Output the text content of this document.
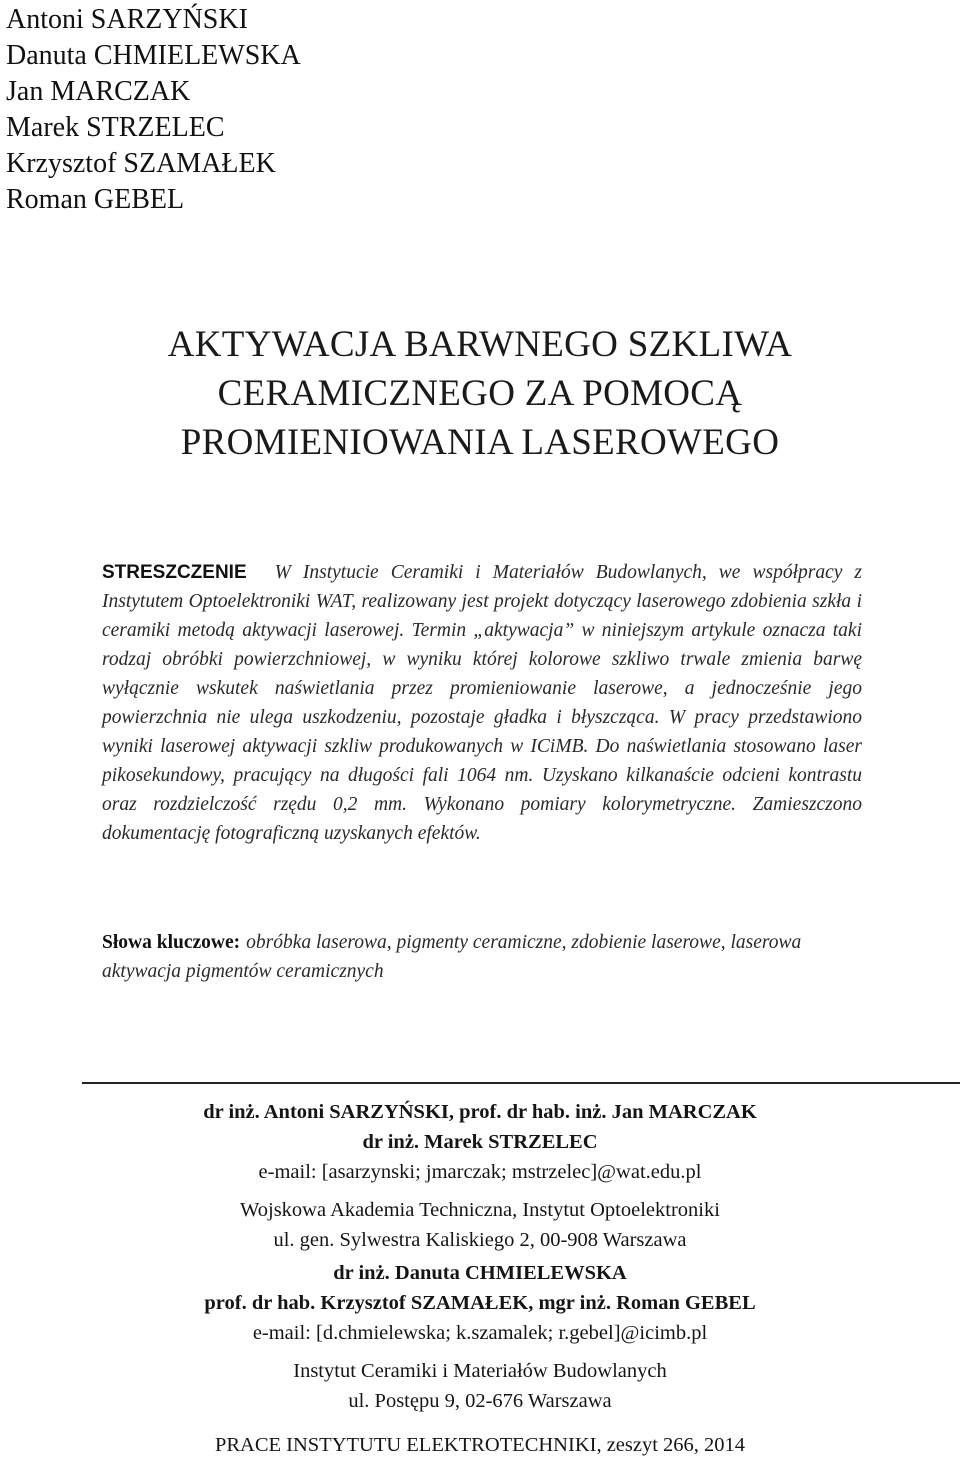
Antoni SARZYŃSKI
Danuta CHMIELEWSKA
Jan MARCZAK
Marek STRZELEC
Krzysztof SZAMAŁEK
Roman GEBEL
AKTYWACJA BARWNEGO SZKLIWA
CERAMICZNEGO ZA POMOCĄ
PROMIENIOWANIA LASEROWEGO
STRESZCZENIE W Instytucie Ceramiki i Materiałów Budowlanych, we współpracy z Instytutem Optoelektroniki WAT, realizowany jest projekt dotyczący laserowego zdobienia szkła i ceramiki metodą aktywacji laserowej. Termin „aktywacja” w niniejszym artykule oznacza taki rodzaj obróbki powierzchniowej, w wyniku której kolorowe szkliwo trwale zmienia barwę wyłącznie wskutek naświetlania przez promieniowanie laserowe, a jednocześnie jego powierzchnia nie ulega uszkodzeniu, pozostaje gładka i błyszcząca. W pracy przedstawiono wyniki laserowej aktywacji szkliw produkowanych w ICiMB. Do naświetlania stosowano laser pikosekundowy, pracujący na długości fali 1064 nm. Uzyskano kilkanaście odcieni kontrastu oraz rozdzielczość rzędu 0,2 mm. Wykonano pomiary kolorymetryczne. Zamieszczono dokumentację fotograficzną uzyskanych efektów.
Słowa kluczowe: obróbka laserowa, pigmenty ceramiczne, zdobienie laserowe, laserowa aktywacja pigmentów ceramicznych
dr inż. Antoni SARZYŃSKI, prof. dr hab. inż. Jan MARCZAK
dr inż. Marek STRZELEC
e-mail: [asarzynski; jmarczak; mstrzelec]@wat.edu.pl
Wojskowa Akademia Techniczna, Instytut Optoelektroniki
ul. gen. Sylwestra Kaliskiego 2, 00-908 Warszawa
dr inż. Danuta CHMIELEWSKA
prof. dr hab. Krzysztof SZAMAŁEK, mgr inż. Roman GEBEL
e-mail: [d.chmielewska; k.szamalek; r.gebel]@icimb.pl
Instytut Ceramiki i Materiałów Budowlanych
ul. Postępu 9, 02-676 Warszawa
PRACE INSTYTUTU ELEKTROTECHNIKI, zeszyt 266, 2014
